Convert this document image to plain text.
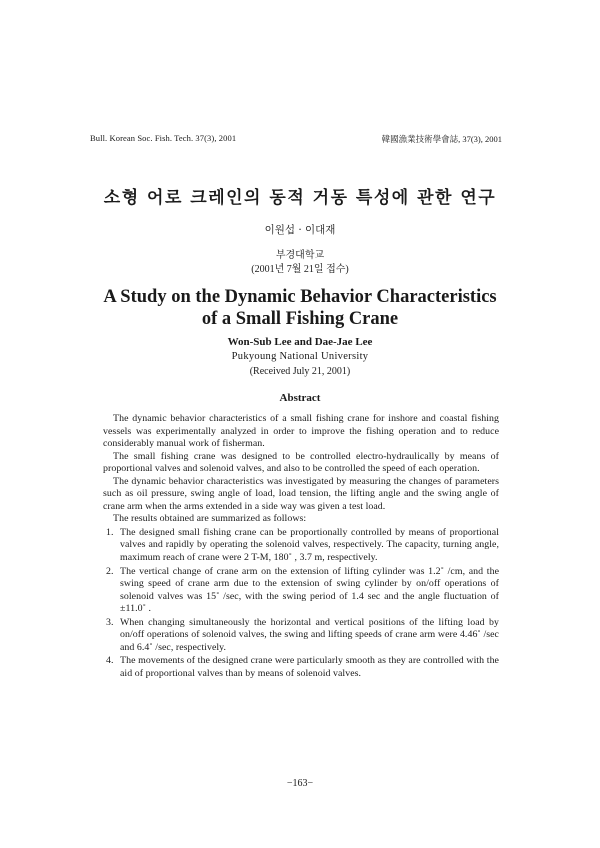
Bull. Korean Soc. Fish. Tech. 37(3), 2001	韓國漁業技術學會誌, 37(3), 2001
소형 어로 크레인의 동적 거동 특성에 관한 연구
이원섭 · 이대재
부경대학교
(2001년 7월 21일 접수)
A Study on the Dynamic Behavior Characteristics
of a Small Fishing Crane
Won-Sub Lee and Dae-Jae Lee
Pukyoung National University
(Received July 21, 2001)
Abstract

The dynamic behavior characteristics of a small fishing crane for inshore and coastal fishing vessels was experimentally analyzed in order to improve the fishing operation and to reduce considerably manual work of fisherman.

The small fishing crane was designed to be controlled electro-hydraulically by means of proportional valves and solenoid valves, and also to be controlled the speed of each operation.

The dynamic behavior characteristics was investigated by measuring the changes of parameters such as oil pressure, swing angle of load, load tension, the lifting angle and the swing angle of crane arm when the arms extended in a side way was given a test load.

The results obtained are summarized as follows:

1. The designed small fishing crane can be proportionally controlled by means of proportional valves and rapidly by operating the solenoid valves, respectively. The capacity, turning angle, maximum reach of crane were 2 T-M, 180˚ , 3.7 m, respectively.
2. The vertical change of crane arm on the extension of lifting cylinder was 1.2˚ /cm, and the swing speed of crane arm due to the extension of swing cylinder by on/off operations of solenoid valves was 15˚ /sec, with the swing period of 1.4 sec and the angle fluctuation of ±11.0˚ .
3. When changing simultaneously the horizontal and vertical positions of the lifting load by on/off operations of solenoid valves, the swing and lifting speeds of crane arm were 4.46˚ /sec and 6.4˚ /sec, respectively.
4. The movements of the designed crane were particularly smooth as they are controlled with the aid of proportional valves than by means of solenoid valves.
−163−
